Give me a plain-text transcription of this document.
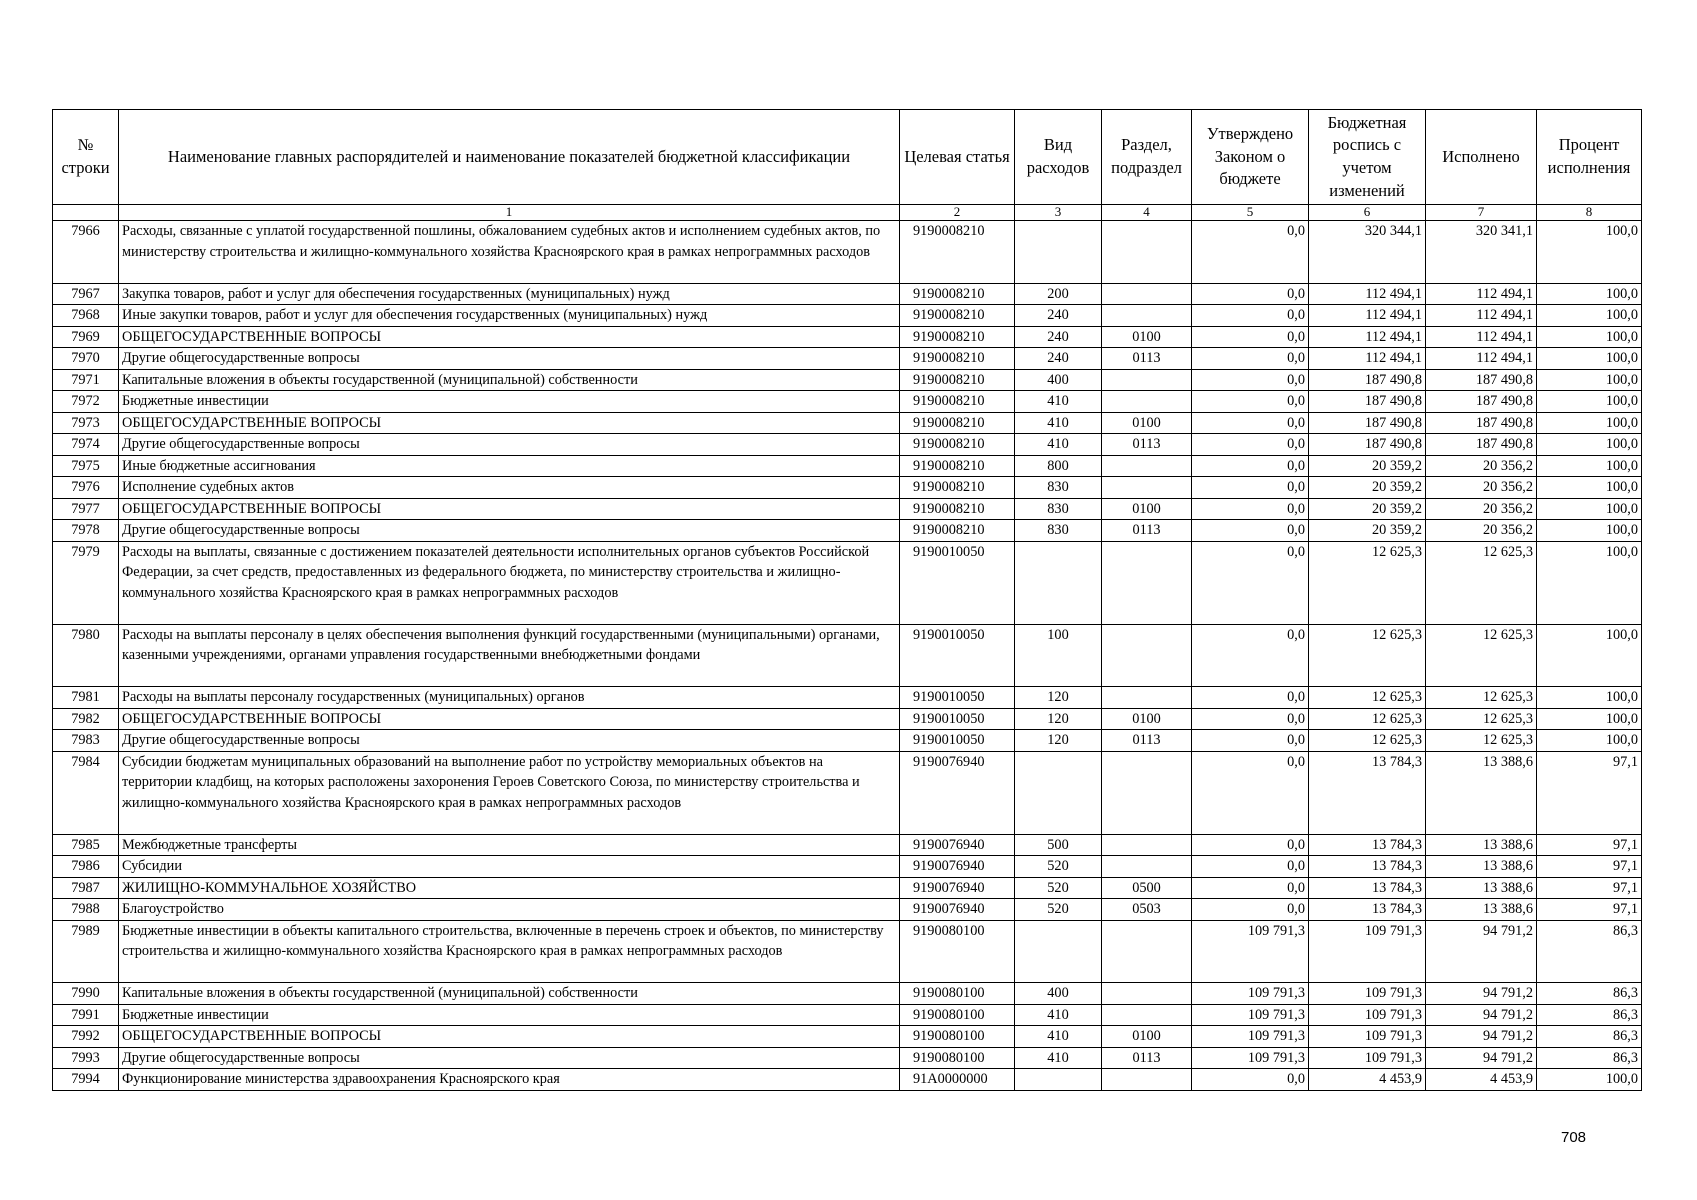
№ строки	Наименование главных распорядителей и наименование показателей бюджетной классификации	Целевая статья	Вид расходов	Раздел, подраздел	Утверждено Законом о бюджете	Бюджетная роспись с учетом изменений	Исполнено	Процент исполнения
	1	2	3	4	5	6	7	8
7966	Расходы, связанные с уплатой государственной пошлины, обжалованием судебных актов и исполнением судебных актов, по министерству строительства и жилищно-коммунального хозяйства Красноярского края в рамках непрограммных расходов	9190008210			0,0	320 344,1	320 341,1	100,0
7967	Закупка товаров, работ и услуг для обеспечения государственных (муниципальных) нужд	9190008210	200		0,0	112 494,1	112 494,1	100,0
7968	Иные закупки товаров, работ и услуг для обеспечения государственных (муниципальных) нужд	9190008210	240		0,0	112 494,1	112 494,1	100,0
7969	ОБЩЕГОСУДАРСТВЕННЫЕ ВОПРОСЫ	9190008210	240	0100	0,0	112 494,1	112 494,1	100,0
7970	Другие общегосударственные вопросы	9190008210	240	0113	0,0	112 494,1	112 494,1	100,0
7971	Капитальные вложения в объекты государственной (муниципальной) собственности	9190008210	400		0,0	187 490,8	187 490,8	100,0
7972	Бюджетные инвестиции	9190008210	410		0,0	187 490,8	187 490,8	100,0
7973	ОБЩЕГОСУДАРСТВЕННЫЕ ВОПРОСЫ	9190008210	410	0100	0,0	187 490,8	187 490,8	100,0
7974	Другие общегосударственные вопросы	9190008210	410	0113	0,0	187 490,8	187 490,8	100,0
7975	Иные бюджетные ассигнования	9190008210	800		0,0	20 359,2	20 356,2	100,0
7976	Исполнение судебных актов	9190008210	830		0,0	20 359,2	20 356,2	100,0
7977	ОБЩЕГОСУДАРСТВЕННЫЕ ВОПРОСЫ	9190008210	830	0100	0,0	20 359,2	20 356,2	100,0
7978	Другие общегосударственные вопросы	9190008210	830	0113	0,0	20 359,2	20 356,2	100,0
7979	Расходы на выплаты, связанные с достижением показателей деятельности исполнительных органов субъектов Российской Федерации, за счет средств, предоставленных из федерального бюджета, по министерству строительства и жилищно-коммунального хозяйства Красноярского края в рамках непрограммных расходов	9190010050			0,0	12 625,3	12 625,3	100,0
7980	Расходы на выплаты персоналу в целях обеспечения выполнения функций государственными (муниципальными) органами, казенными учреждениями, органами управления государственными внебюджетными фондами	9190010050	100		0,0	12 625,3	12 625,3	100,0
7981	Расходы на выплаты персоналу государственных (муниципальных) органов	9190010050	120		0,0	12 625,3	12 625,3	100,0
7982	ОБЩЕГОСУДАРСТВЕННЫЕ ВОПРОСЫ	9190010050	120	0100	0,0	12 625,3	12 625,3	100,0
7983	Другие общегосударственные вопросы	9190010050	120	0113	0,0	12 625,3	12 625,3	100,0
7984	Субсидии бюджетам муниципальных образований на выполнение работ по устройству мемориальных объектов на территории кладбищ, на которых расположены захоронения Героев Советского Союза, по министерству строительства и жилищно-коммунального хозяйства Красноярского края в рамках непрограммных расходов	9190076940			0,0	13 784,3	13 388,6	97,1
7985	Межбюджетные трансферты	9190076940	500		0,0	13 784,3	13 388,6	97,1
7986	Субсидии	9190076940	520		0,0	13 784,3	13 388,6	97,1
7987	ЖИЛИЩНО-КОММУНАЛЬНОЕ ХОЗЯЙСТВО	9190076940	520	0500	0,0	13 784,3	13 388,6	97,1
7988	Благоустройство	9190076940	520	0503	0,0	13 784,3	13 388,6	97,1
7989	Бюджетные инвестиции в объекты капитального строительства, включенные в перечень строек и объектов, по министерству строительства и жилищно-коммунального хозяйства Красноярского края в рамках непрограммных расходов	9190080100			109 791,3	109 791,3	94 791,2	86,3
7990	Капитальные вложения в объекты государственной (муниципальной) собственности	9190080100	400		109 791,3	109 791,3	94 791,2	86,3
7991	Бюджетные инвестиции	9190080100	410		109 791,3	109 791,3	94 791,2	86,3
7992	ОБЩЕГОСУДАРСТВЕННЫЕ ВОПРОСЫ	9190080100	410	0100	109 791,3	109 791,3	94 791,2	86,3
7993	Другие общегосударственные вопросы	9190080100	410	0113	109 791,3	109 791,3	94 791,2	86,3
7994	Функционирование министерства здравоохранения Красноярского края	91А0000000			0,0	4 453,9	4 453,9	100,0
708
